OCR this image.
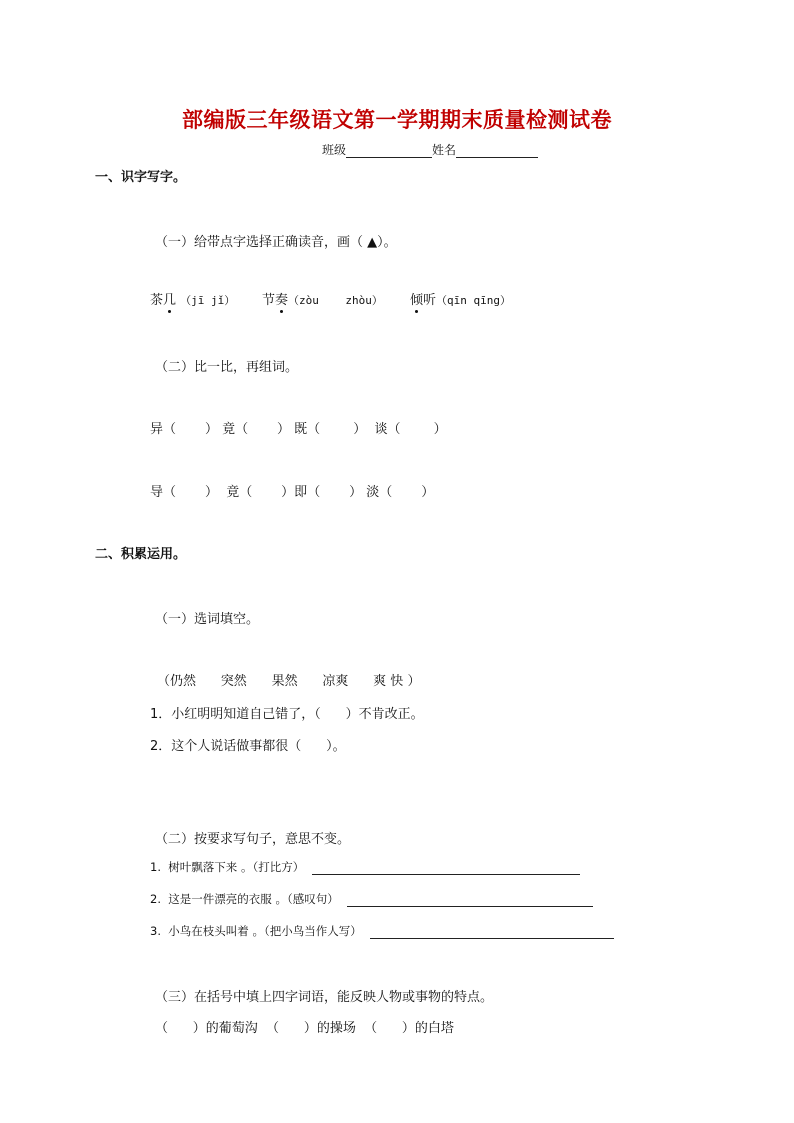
部编版三年级语文第一学期期末质量检测试卷
班级	姓名
一、识字写字。
（一）给带点字选择正确读音，画（ ▲）。
茶几 （jī jǐ） 节奏（zòu    zhòu） 倾听（qīn qīng）
（二）比一比，再组词。
异（       ） 竟（       ） 既（        ）  谈（        ）
导（       ）  竟（       ）即（       ） 淡（       ）
二、积累运用。
（一）选词填空。
（仍然      突然      果然      凉爽      爽 快 ）
1．小红明明知道自己错了，（      ）不肯改正。
2．这个人说话做事都很（      ）。
（二）按要求写句子，意思不变。
1. 树叶飘落下来 。（打比方）
2. 这是一件漂亮的衣服 。（感叹句）
3. 小鸟在枝头叫着 。（把小鸟当作人写）
（三）在括号中填上四字词语，能反映人物或事物的特点。
（      ）的葡萄沟  （      ）的操场  （      ）的白塔
